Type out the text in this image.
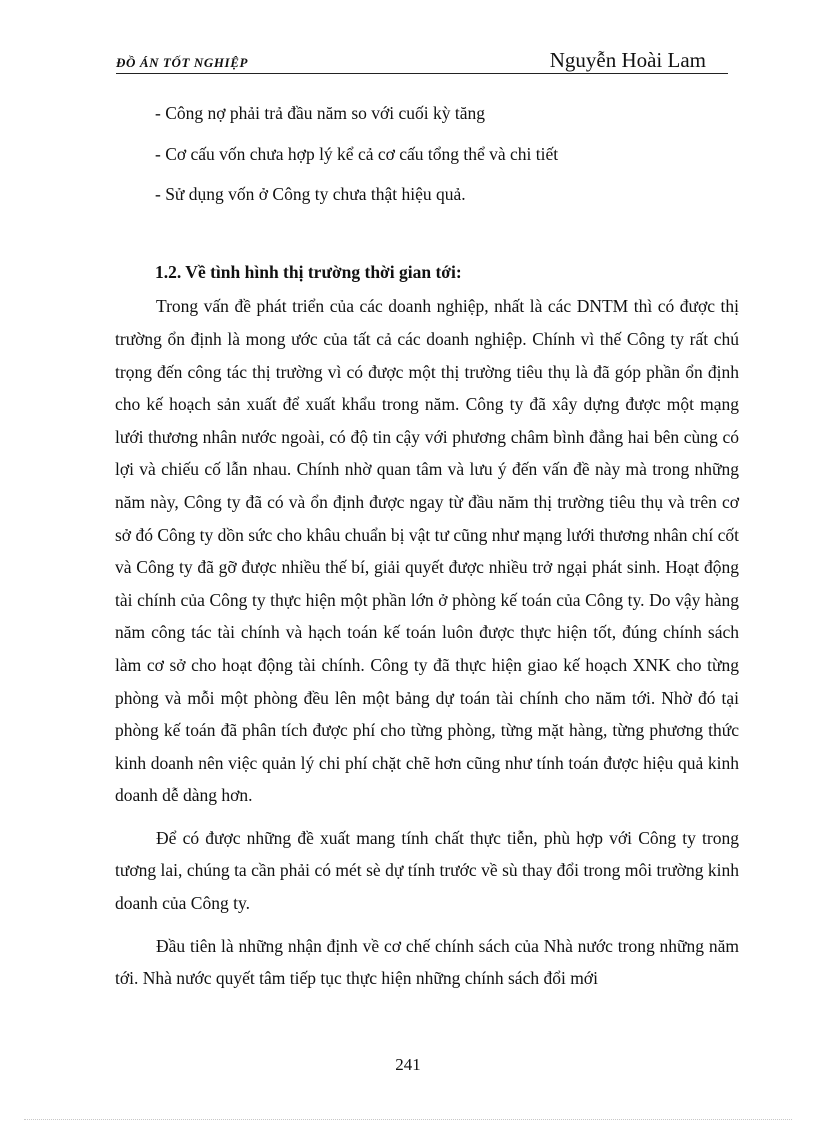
ĐỒ ÁN TỐT NGHIỆP	Nguyễn Hoài Lam
- Công nợ phải trả đầu năm so với cuối kỳ tăng
- Cơ cấu vốn chưa hợp lý kể cả cơ cấu tổng thể và chi tiết
- Sử dụng vốn ở Công ty chưa thật hiệu quả.
1.2. Về tình hình thị trường thời gian tới:

Trong vấn đề phát triển của các doanh nghiệp, nhất là các DNTM thì có được thị trường ổn định là mong ước của tất cả các doanh nghiệp. Chính vì thế Công ty rất chú trọng đến công tác thị trường vì có được một thị trường tiêu thụ là đã góp phần ổn định cho kế hoạch sản xuất để xuất khẩu trong năm. Công ty đã xây dựng được một mạng lưới thương nhân nước ngoài, có độ tin cậy với phương châm bình đẳng hai bên cùng có lợi và chiếu cố lẫn nhau. Chính nhờ quan tâm và lưu ý đến vấn đề này mà trong những năm này, Công ty đã có và ổn định được ngay từ đầu năm thị trường tiêu thụ và trên cơ sở đó Công ty dồn sức cho khâu chuẩn bị vật tư cũng như mạng lưới thương nhân chí cốt và Công ty đã gỡ được nhiều thế bí, giải quyết được nhiều trở ngại phát sinh. Hoạt động tài chính của Công ty thực hiện một phần lớn ở phòng kế toán của Công ty. Do vậy hàng năm công tác tài chính và hạch toán kế toán luôn được thực hiện tốt, đúng chính sách làm cơ sở cho hoạt động tài chính. Công ty đã thực hiện giao kế hoạch XNK cho từng phòng và mỗi một phòng đều lên một bảng dự toán tài chính cho năm tới. Nhờ đó tại phòng kế toán đã phân tích được phí cho từng phòng, từng mặt hàng, từng phương thức kinh doanh nên việc quản lý chi phí chặt chẽ hơn cũng như tính toán được hiệu quả kinh doanh dễ dàng hơn.

Để có được những đề xuất mang tính chất thực tiễn, phù hợp với Công ty trong tương lai, chúng ta cần phải có mét sè dự tính trước về sù thay đổi trong môi trường kinh doanh của Công ty.

Đầu tiên là những nhận định về cơ chế chính sách của Nhà nước trong những năm tới. Nhà nước quyết tâm tiếp tục thực hiện những chính sách đổi mới

241
